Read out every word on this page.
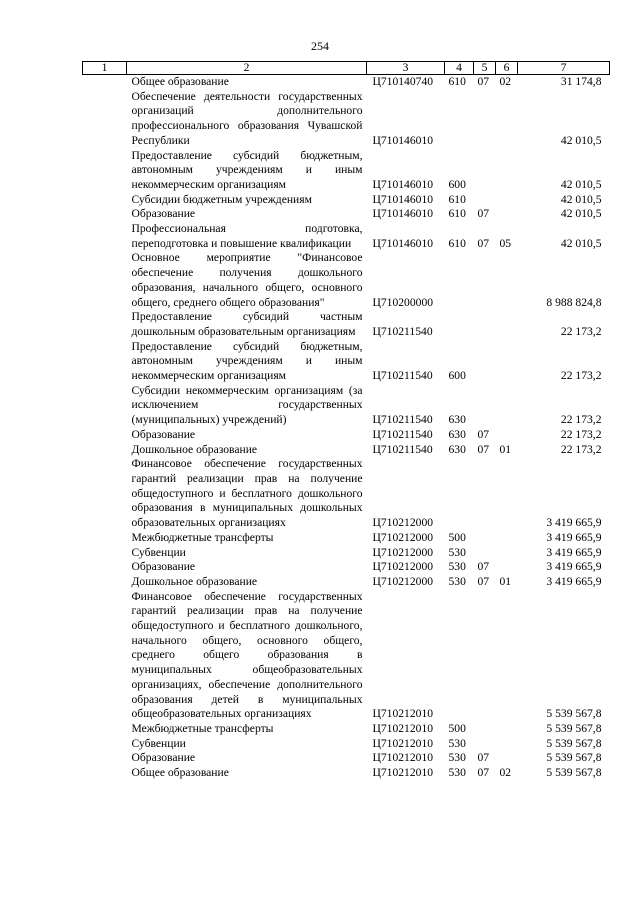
254
1	2	3	4	5	6	7
	Общее образование	Ц710140740	610	07	02	31 174,8
	Обеспечение деятельности государственных организаций дополнительного профессионального образования Чувашской Республики	Ц710146010				42 010,5
	Предоставление субсидий бюджетным, автономным учреждениям и иным некоммерческим организациям	Ц710146010	600			42 010,5
	Субсидии бюджетным учреждениям	Ц710146010	610			42 010,5
	Образование	Ц710146010	610	07		42 010,5
	Профессиональная подготовка, переподготовка и повышение квалификации	Ц710146010	610	07	05	42 010,5
	Основное мероприятие "Финансовое обеспечение получения дошкольного образования, начального общего, основного общего, среднего общего образования"	Ц710200000				8 988 824,8
	Предоставление субсидий частным дошкольным образовательным организациям	Ц710211540				22 173,2
	Предоставление субсидий бюджетным, автономным учреждениям и иным некоммерческим организациям	Ц710211540	600			22 173,2
	Субсидии некоммерческим организациям (за исключением государственных (муниципальных) учреждений)	Ц710211540	630			22 173,2
	Образование	Ц710211540	630	07		22 173,2
	Дошкольное образование	Ц710211540	630	07	01	22 173,2
	Финансовое обеспечение государственных гарантий реализации прав на получение общедоступного и бесплатного дошкольного образования в муниципальных дошкольных образовательных организациях	Ц710212000				3 419 665,9
	Межбюджетные трансферты	Ц710212000	500			3 419 665,9
	Субвенции	Ц710212000	530			3 419 665,9
	Образование	Ц710212000	530	07		3 419 665,9
	Дошкольное образование	Ц710212000	530	07	01	3 419 665,9
	Финансовое обеспечение государственных гарантий реализации прав на получение общедоступного и бесплатного дошкольного, начального общего, основного общего, среднего общего образования в муниципальных общеобразовательных организациях, обеспечение дополнительного образования детей в муниципальных общеобразовательных организациях	Ц710212010				5 539 567,8
	Межбюджетные трансферты	Ц710212010	500			5 539 567,8
	Субвенции	Ц710212010	530			5 539 567,8
	Образование	Ц710212010	530	07		5 539 567,8
	Общее образование	Ц710212010	530	07	02	5 539 567,8
